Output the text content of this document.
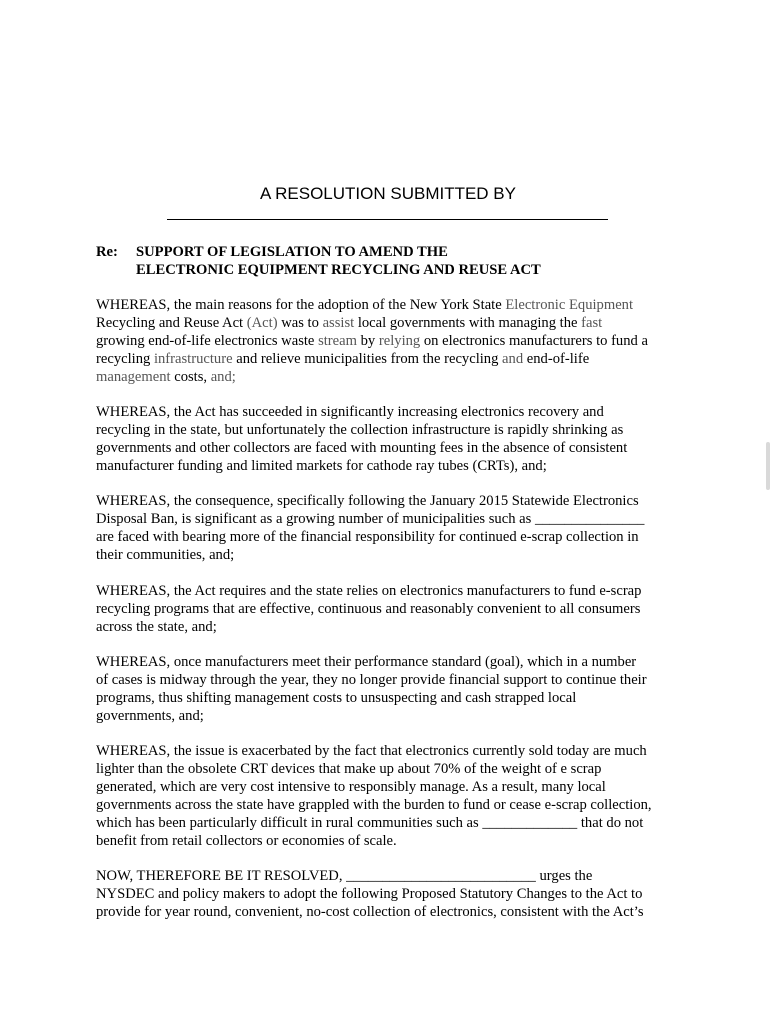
A RESOLUTION SUBMITTED BY
Re: SUPPORT OF LEGISLATION TO AMEND THE
ELECTRONIC EQUIPMENT RECYCLING AND REUSE ACT
WHEREAS, the main reasons for the adoption of the New York State Electronic Equipment
Recycling and Reuse Act (Act) was to assist local governments with managing the fast
growing end-of-life electronics waste stream by relying on electronics manufacturers to fund a
recycling infrastructure and relieve municipalities from the recycling and end-of-life
management costs, and;
WHEREAS, the Act has succeeded in significantly increasing electronics recovery and
recycling in the state, but unfortunately the collection infrastructure is rapidly shrinking as
governments and other collectors are faced with mounting fees in the absence of consistent
manufacturer funding and limited markets for cathode ray tubes (CRTs), and;
WHEREAS, the consequence, specifically following the January 2015 Statewide Electronics
Disposal Ban, is significant as a growing number of municipalities such as _______________
are faced with bearing more of the financial responsibility for continued e-scrap collection in
their communities, and;
WHEREAS, the Act requires and the state relies on electronics manufacturers to fund e-scrap
recycling programs that are effective, continuous and reasonably convenient to all consumers
across the state, and;
WHEREAS, once manufacturers meet their performance standard (goal), which in a number
of cases is midway through the year, they no longer provide financial support to continue their
programs, thus shifting management costs to unsuspecting and cash strapped local
governments, and;
WHEREAS, the issue is exacerbated by the fact that electronics currently sold today are much
lighter than the obsolete CRT devices that make up about 70% of the weight of e scrap
generated, which are very cost intensive to responsibly manage. As a result, many local
governments across the state have grappled with the burden to fund or cease e-scrap collection,
which has been particularly difficult in rural communities such as _____________ that do not
benefit from retail collectors or economies of scale.
NOW, THEREFORE BE IT RESOLVED, __________________________ urges the
NYSDEC and policy makers to adopt the following Proposed Statutory Changes to the Act to
provide for year round, convenient, no-cost collection of electronics, consistent with the Act’s
